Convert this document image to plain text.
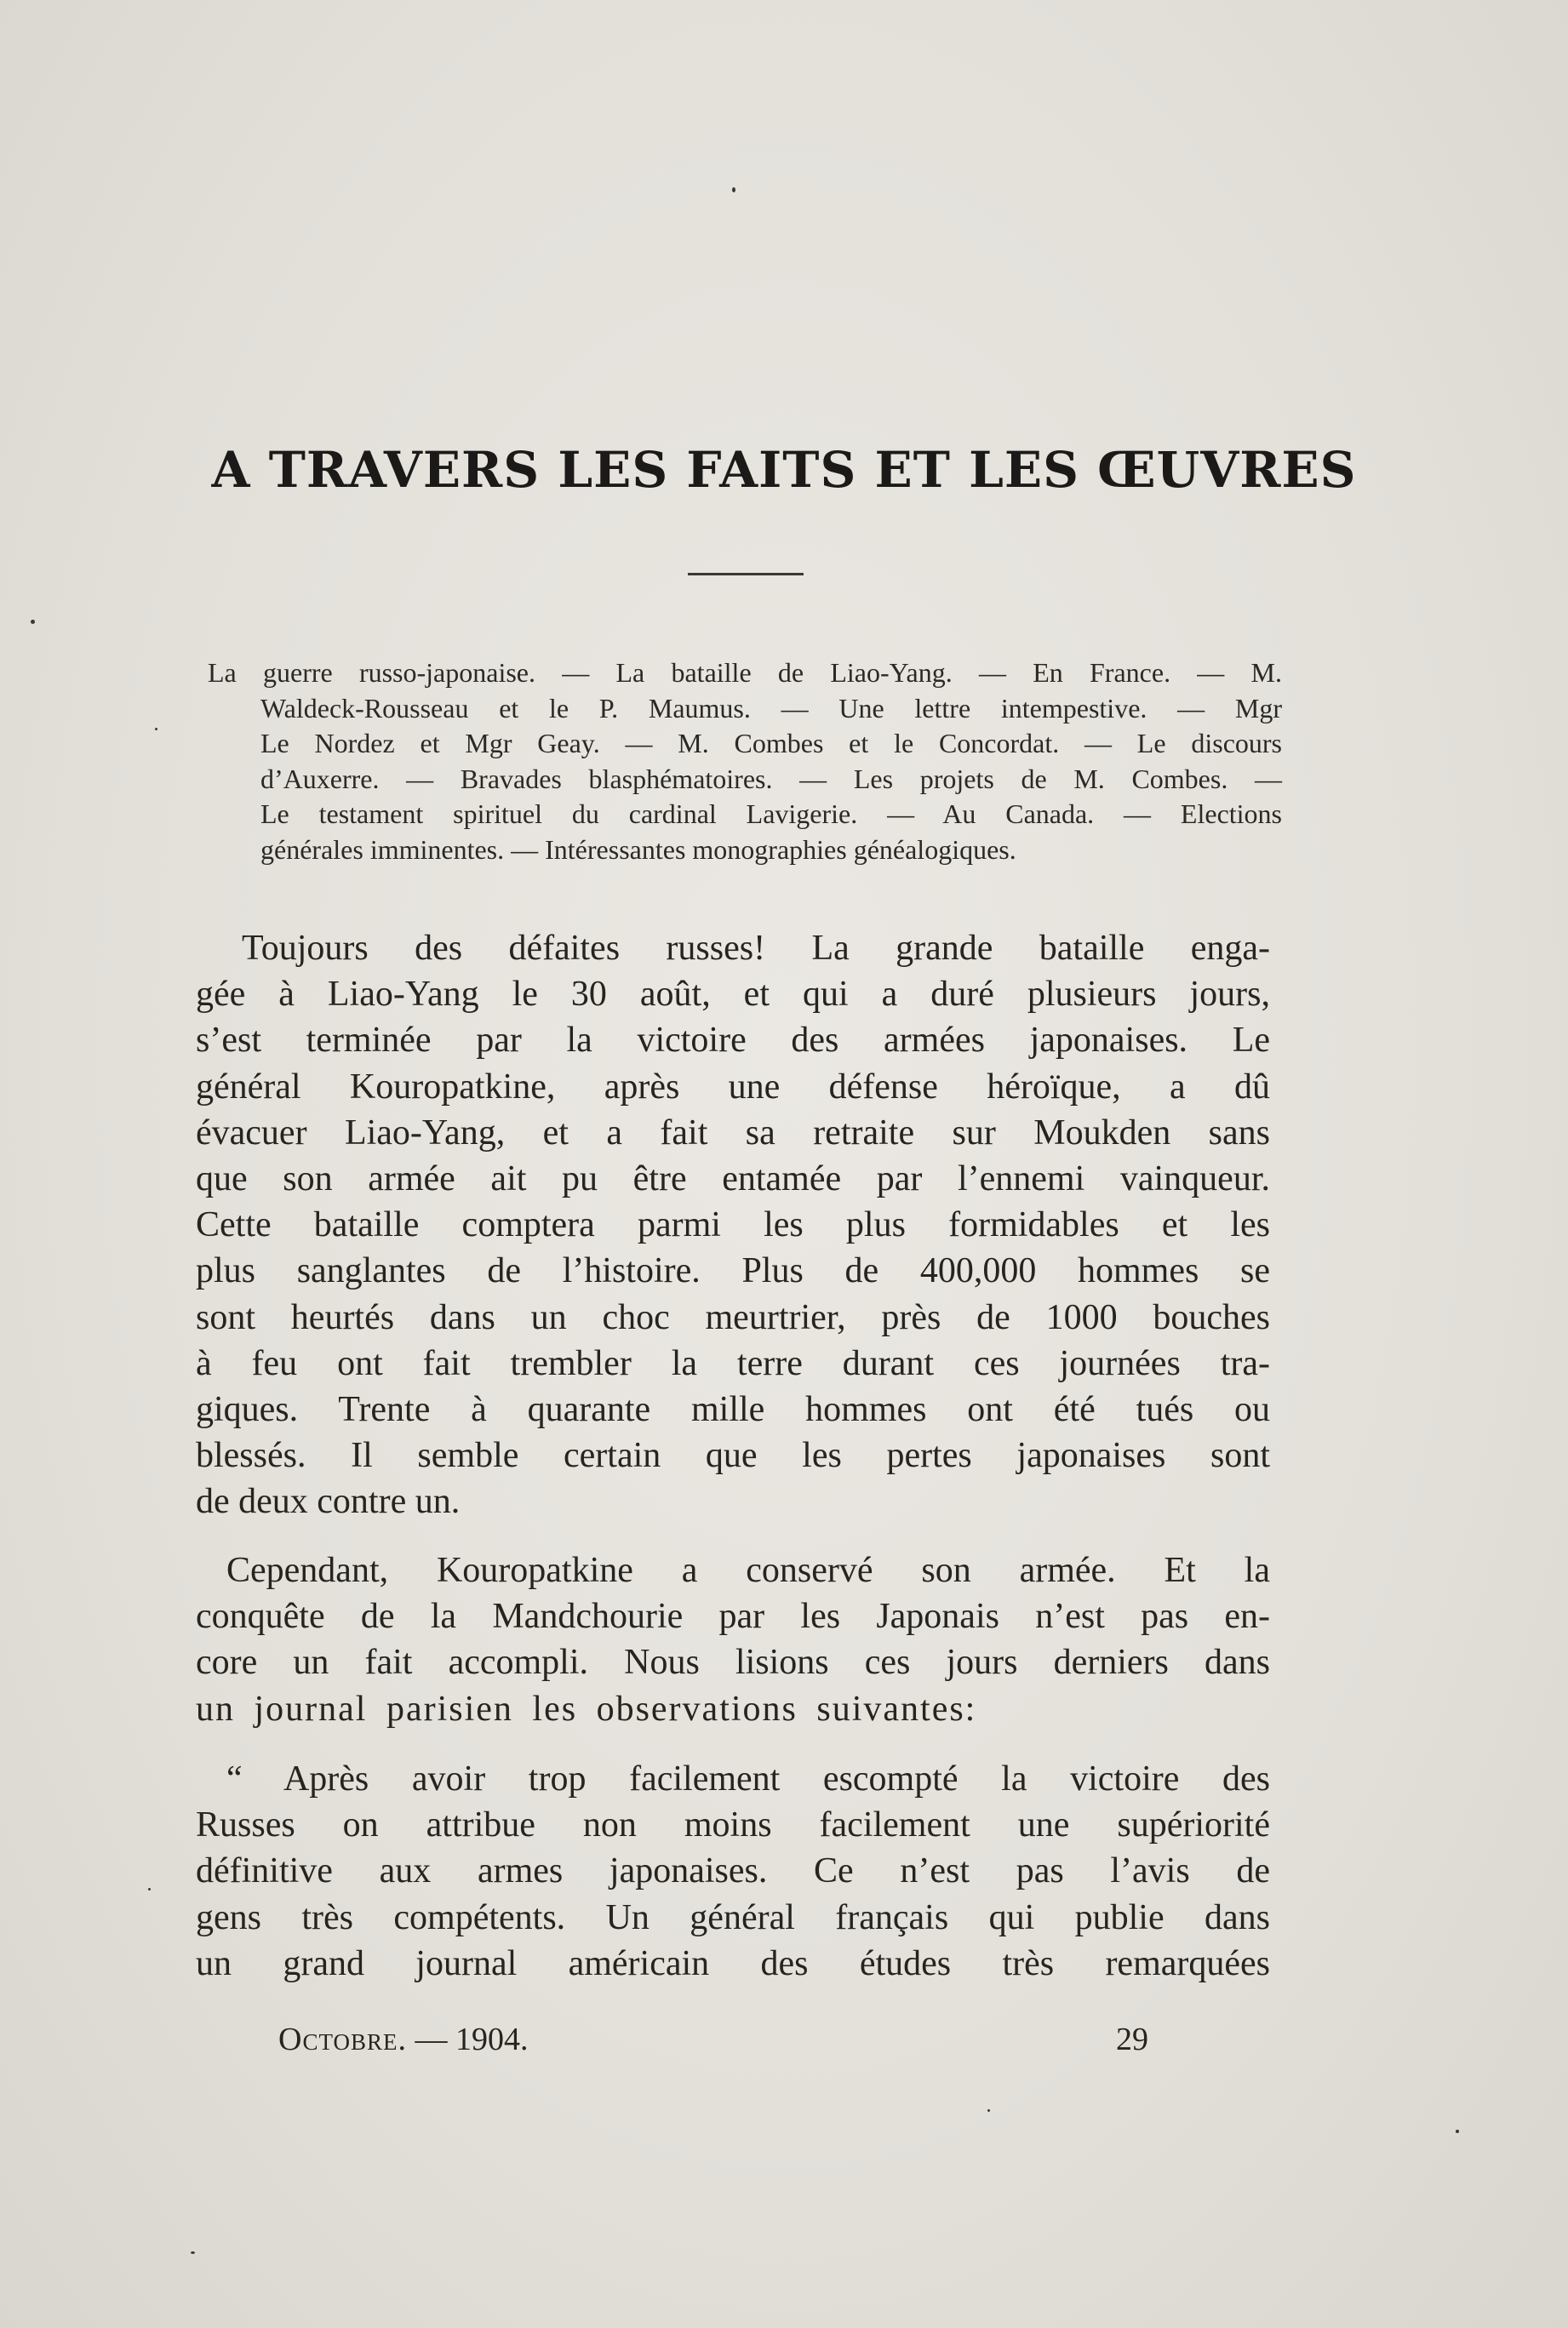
A TRAVERS LES FAITS ET LES ŒUVRES
La guerre russo-japonaise. — La bataille de Liao-Yang. — En France. — M.
Waldeck-Rousseau et le P. Maumus. — Une lettre intempestive. — Mgr
Le Nordez et Mgr Geay. — M. Combes et le Concordat. — Le discours
d’Auxerre. — Bravades blasphématoires. — Les projets de M. Combes. —
Le testament spirituel du cardinal Lavigerie. — Au Canada. — Elections
générales imminentes. — Intéressantes monographies généalogiques.
Toujours des défaites russes! La grande bataille enga-
gée à Liao-Yang le 30 août, et qui a duré plusieurs jours,
s’est terminée par la victoire des armées japonaises. Le
général Kouropatkine, après une défense héroïque, a dû
évacuer Liao-Yang, et a fait sa retraite sur Moukden sans
que son armée ait pu être entamée par l’ennemi vainqueur.
Cette bataille comptera parmi les plus formidables et les
plus sanglantes de l’histoire. Plus de 400,000 hommes se
sont heurtés dans un choc meurtrier, près de 1000 bouches
à feu ont fait trembler la terre durant ces journées tra-
giques. Trente à quarante mille hommes ont été tués ou
blessés. Il semble certain que les pertes japonaises sont
de deux contre un.
Cependant, Kouropatkine a conservé son armée. Et la
conquête de la Mandchourie par les Japonais n’est pas en-
core un fait accompli. Nous lisions ces jours derniers dans
un journal parisien les observations suivantes:
“ Après avoir trop facilement escompté la victoire des
Russes on attribue non moins facilement une supériorité
définitive aux armes japonaises. Ce n’est pas l’avis de
gens très compétents. Un général français qui publie dans
un grand journal américain des études très remarquées
Octobre. — 1904.	29
